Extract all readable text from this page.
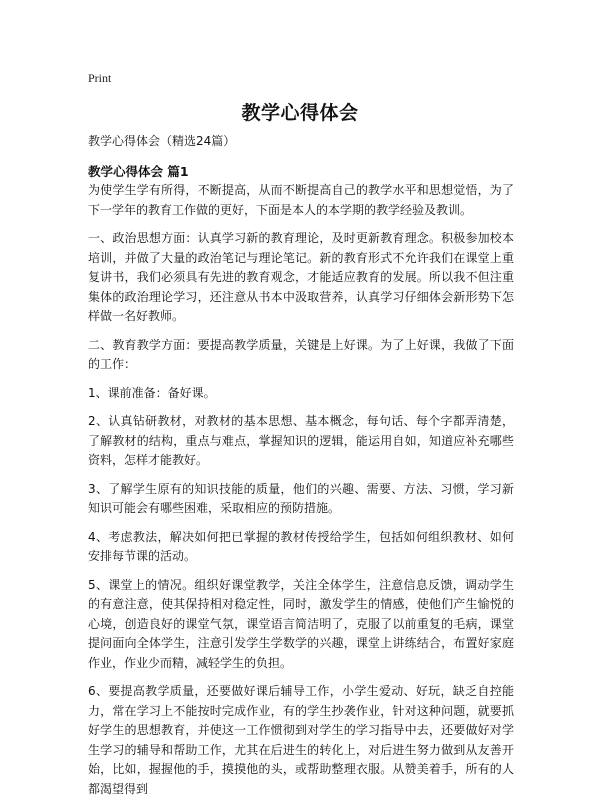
Print
教学心得体会
教学心得体会（精选24篇）
教学心得体会 篇1

为使学生学有所得，不断提高，从而不断提高自己的教学水平和思想觉悟，为了下一学年的教育工作做的更好，下面是本人的本学期的教学经验及教训。

一、政治思想方面：认真学习新的教育理论，及时更新教育理念。积极参加校本培训，并做了大量的政治笔记与理论笔记。新的教育形式不允许我们在课堂上重复讲书，我们必须具有先进的教育观念，才能适应教育的发展。所以我不但注重集体的政治理论学习，还注意从书本中汲取营养，认真学习仔细体会新形势下怎样做一名好教师。

二、教育教学方面：要提高教学质量，关键是上好课。为了上好课，我做了下面的工作：

1、课前准备：备好课。

2、认真钻研教材，对教材的基本思想、基本概念，每句话、每个字都弄清楚，了解教材的结构，重点与难点，掌握知识的逻辑，能运用自如，知道应补充哪些资料，怎样才能教好。

3、了解学生原有的知识技能的质量，他们的兴趣、需要、方法、习惯，学习新知识可能会有哪些困难，采取相应的预防措施。

4、考虑教法，解决如何把已掌握的教材传授给学生，包括如何组织教材、如何安排每节课的活动。

5、课堂上的情况。组织好课堂教学，关注全体学生，注意信息反馈，调动学生的有意注意，使其保持相对稳定性，同时，激发学生的情感，使他们产生愉悦的心境，创造良好的课堂气氛，课堂语言简洁明了，克服了以前重复的毛病，课堂提问面向全体学生，注意引发学生学数学的兴趣，课堂上讲练结合，布置好家庭作业，作业少而精，减轻学生的负担。

6、要提高教学质量，还要做好课后辅导工作，小学生爱动、好玩，缺乏自控能力，常在学习上不能按时完成作业，有的学生抄袭作业，针对这种问题，就要抓好学生的思想教育，并使这一工作惯彻到对学生的学习指导中去，还要做好对学生学习的辅导和帮助工作，尤其在后进生的转化上，对后进生努力做到从友善开始，比如，握握他的手，摸摸他的头，或帮助整理衣服。从赞美着手，所有的人都渴望得到
